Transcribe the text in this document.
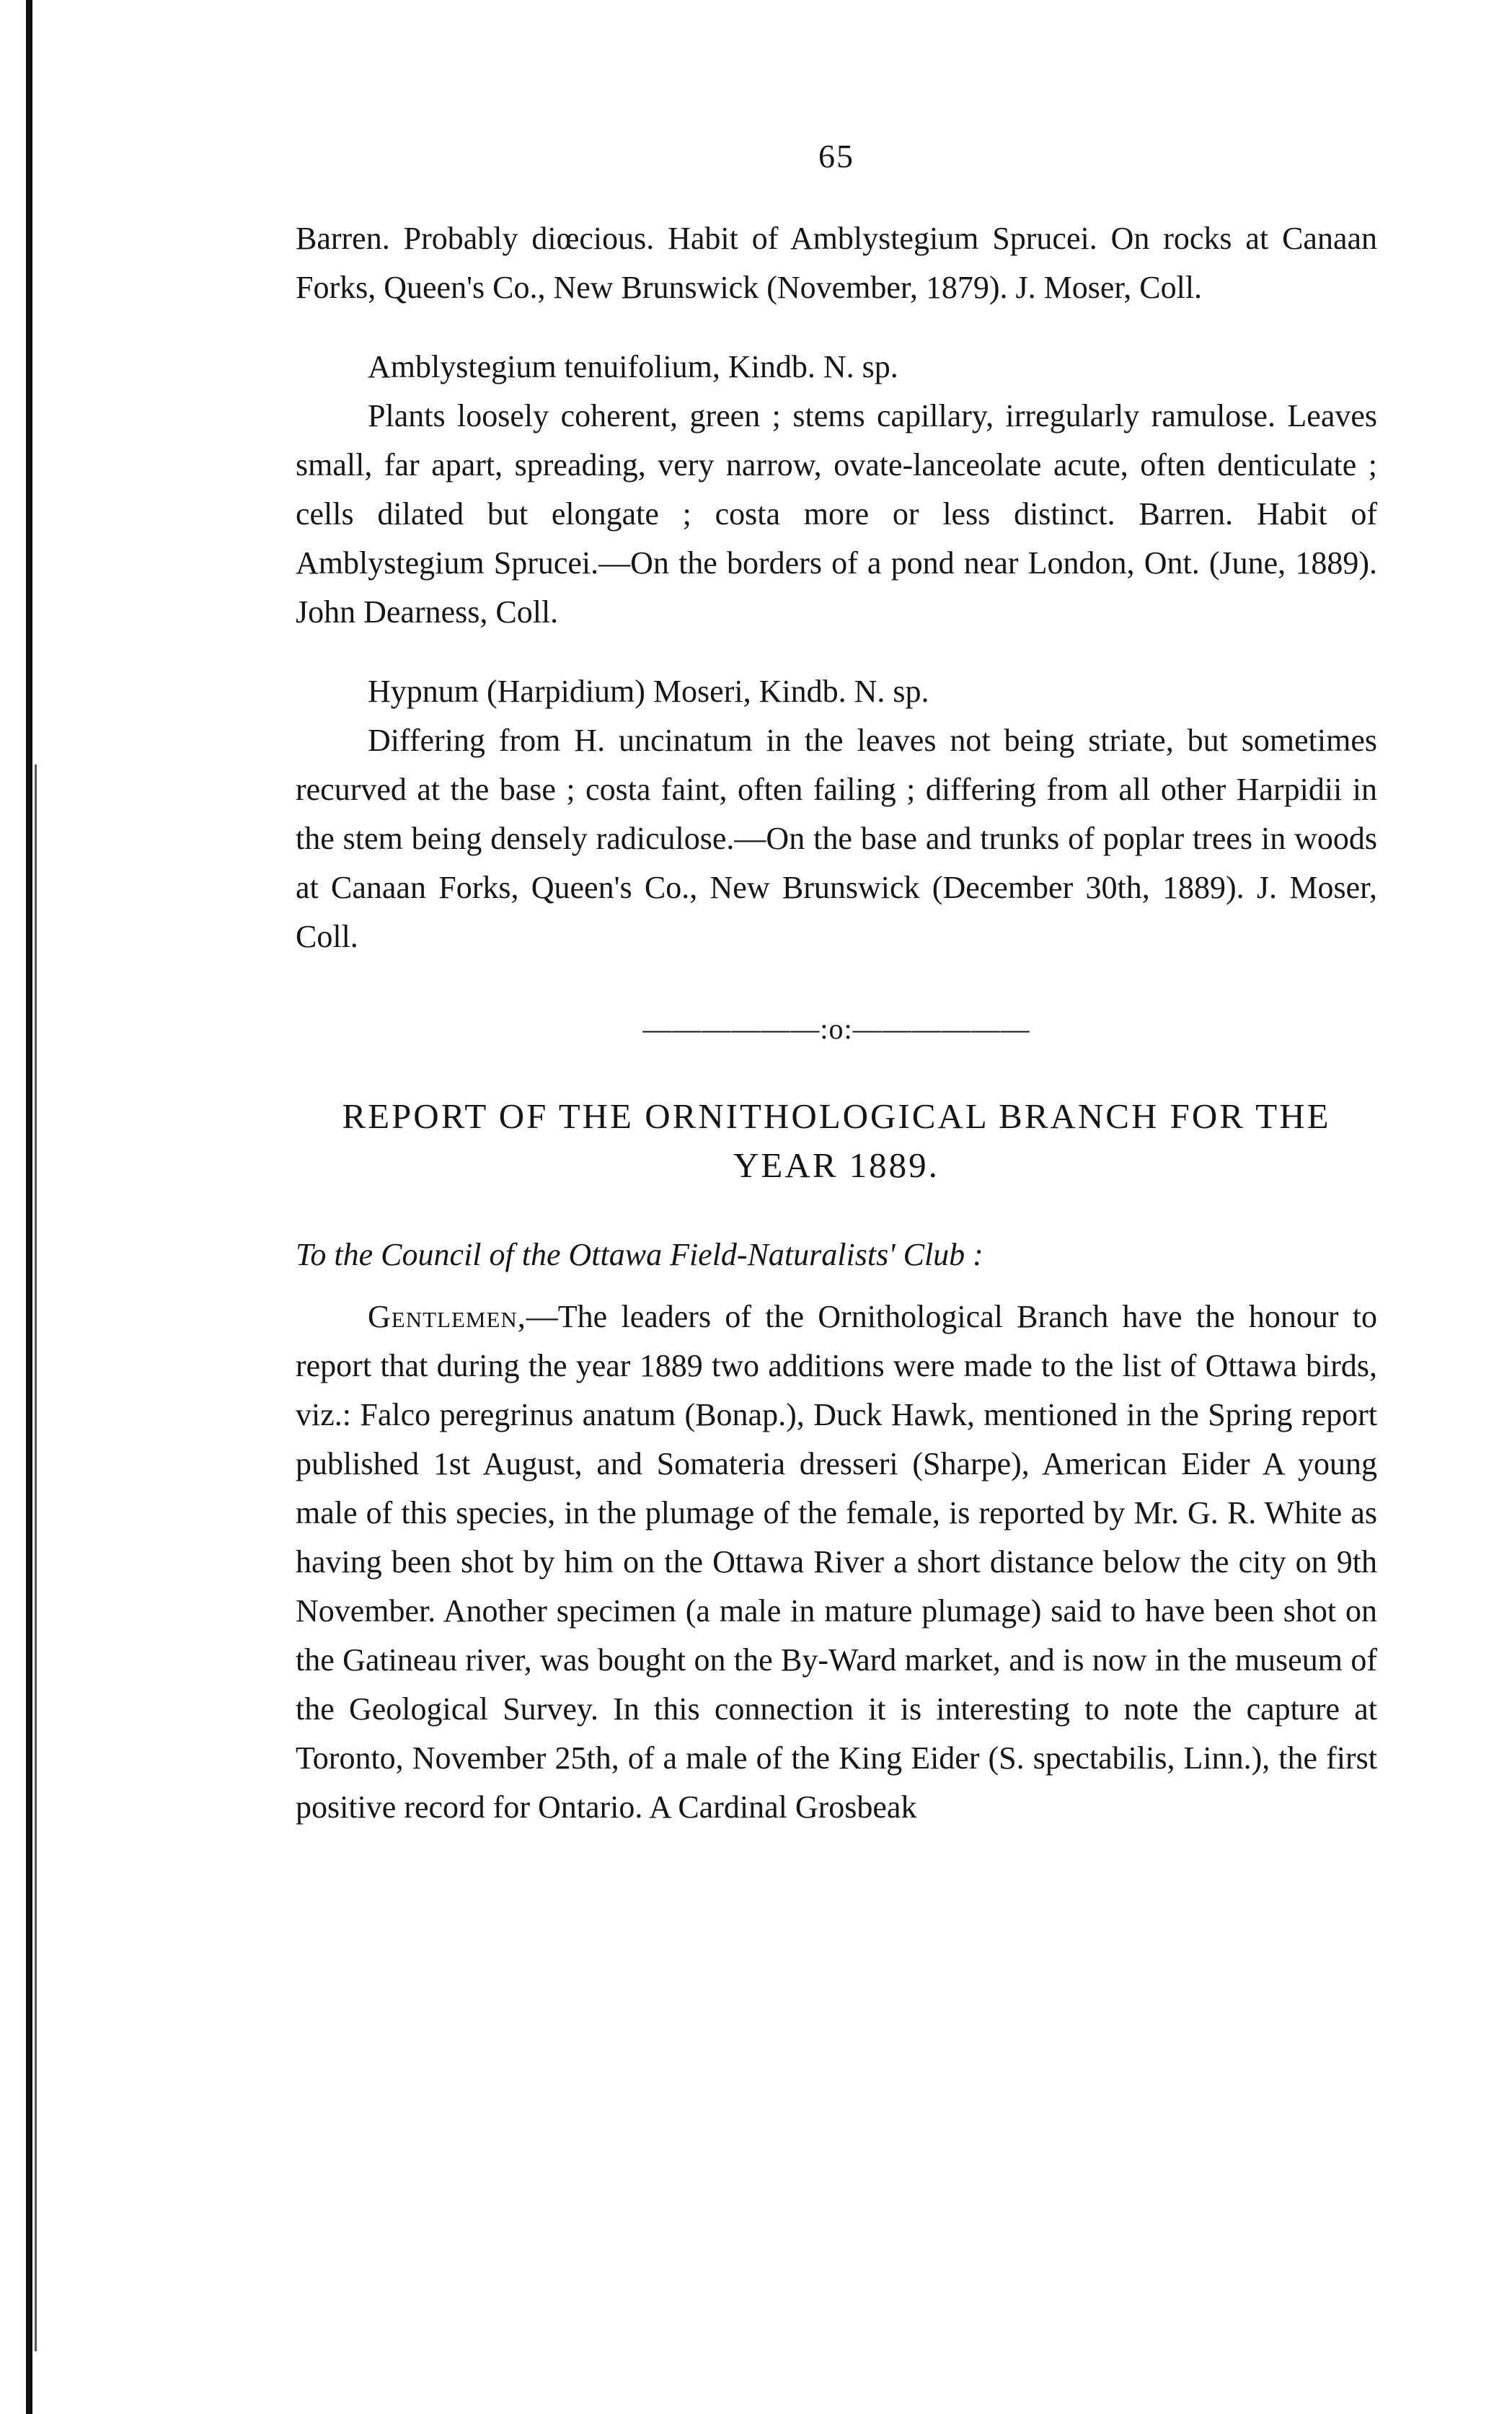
65

Barren. Probably diœcious. Habit of Amblystegium Sprucei. On rocks at Canaan Forks, Queen's Co., New Brunswick (November, 1879). J. Moser, Coll.

Amblystegium tenuifolium, Kindb. N. sp.

Plants loosely coherent, green ; stems capillary, irregularly ramulose. Leaves small, far apart, spreading, very narrow, ovate-lanceolate acute, often denticulate ; cells dilated but elongate ; costa more or less distinct. Barren. Habit of Amblystegium Sprucei.—On the borders of a pond near London, Ont. (June, 1889). John Dearness, Coll.

Hypnum (Harpidium) Moseri, Kindb. N. sp.

Differing from H. uncinatum in the leaves not being striate, but sometimes recurved at the base ; costa faint, often failing ; differing from all other Harpidii in the stem being densely radiculose.—On the base and trunks of poplar trees in woods at Canaan Forks, Queen's Co., New Brunswick (December 30th, 1889). J. Moser, Coll.

——————:o:——————
REPORT OF THE ORNITHOLOGICAL BRANCH FOR THE YEAR 1889.
To the Council of the Ottawa Field-Naturalists' Club :

Gentlemen,—The leaders of the Ornithological Branch have the honour to report that during the year 1889 two additions were made to the list of Ottawa birds, viz.: Falco peregrinus anatum (Bonap.), Duck Hawk, mentioned in the Spring report published 1st August, and Somateria dresseri (Sharpe), American Eider A young male of this species, in the plumage of the female, is reported by Mr. G. R. White as having been shot by him on the Ottawa River a short distance below the city on 9th November. Another specimen (a male in mature plumage) said to have been shot on the Gatineau river, was bought on the By-Ward market, and is now in the museum of the Geological Survey. In this connection it is interesting to note the capture at Toronto, November 25th, of a male of the King Eider (S. spectabilis, Linn.), the first positive record for Ontario. A Cardinal Grosbeak
